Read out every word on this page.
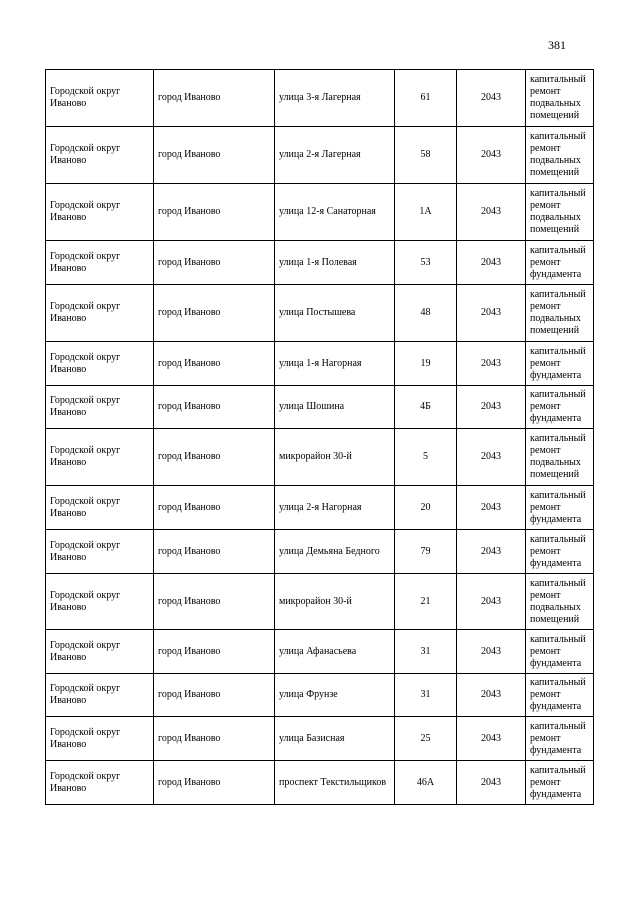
381
Городской округ Иваново	город Иваново	улица 3-я Лагерная	61	2043	капитальный ремонт подвальных помещений
Городской округ Иваново	город Иваново	улица 2-я Лагерная	58	2043	капитальный ремонт подвальных помещений
Городской округ Иваново	город Иваново	улица 12-я Санаторная	1А	2043	капитальный ремонт подвальных помещений
Городской округ Иваново	город Иваново	улица 1-я Полевая	53	2043	капитальный ремонт фундамента
Городской округ Иваново	город Иваново	улица Постышева	48	2043	капитальный ремонт подвальных помещений
Городской округ Иваново	город Иваново	улица 1-я Нагорная	19	2043	капитальный ремонт фундамента
Городской округ Иваново	город Иваново	улица Шошина	4Б	2043	капитальный ремонт фундамента
Городской округ Иваново	город Иваново	микрорайон 30-й	5	2043	капитальный ремонт подвальных помещений
Городской округ Иваново	город Иваново	улица 2-я Нагорная	20	2043	капитальный ремонт фундамента
Городской округ Иваново	город Иваново	улица Демьяна Бедного	79	2043	капитальный ремонт фундамента
Городской округ Иваново	город Иваново	микрорайон 30-й	21	2043	капитальный ремонт подвальных помещений
Городской округ Иваново	город Иваново	улица Афанасьева	31	2043	капитальный ремонт фундамента
Городской округ Иваново	город Иваново	улица Фрунзе	31	2043	капитальный ремонт фундамента
Городской округ Иваново	город Иваново	улица Базисная	25	2043	капитальный ремонт фундамента
Городской округ Иваново	город Иваново	проспект Текстильщиков	46А	2043	капитальный ремонт фундамента
